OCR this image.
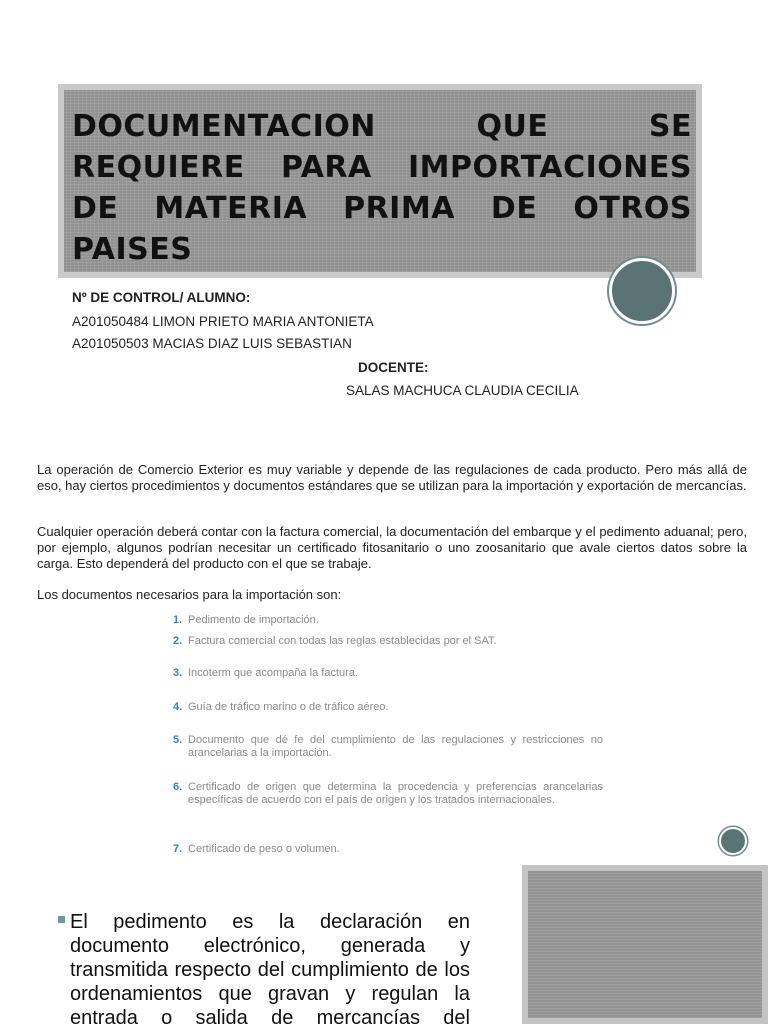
DOCUMENTACION QUE SE REQUIERE PARA IMPORTACIONES DE MATERIA PRIMA DE OTROS PAISES
Nº DE CONTROL/ ALUMNO:
A201050484 LIMON PRIETO MARIA ANTONIETA
A201050503 MACIAS DIAZ LUIS SEBASTIAN
DOCENTE:
SALAS MACHUCA CLAUDIA CECILIA

La operación de Comercio Exterior es muy variable y depende de las regulaciones de cada producto. Pero más allá de eso, hay ciertos procedimientos y documentos estándares que se utilizan para la importación y exportación de mercancías.

Cualquier operación deberá contar con la factura comercial, la documentación del embarque y el pedimento aduanal; pero, por ejemplo, algunos podrían necesitar un certificado fitosanitario o uno zoosanitario que avale ciertos datos sobre la carga. Esto dependerá del producto con el que se trabaje.

Los documentos necesarios para la importación son:

1. Pedimento de importación.
2. Factura comercial con todas las reglas establecidas por el SAT.
3. Incoterm que acompaña la factura.
4. Guía de tráfico marino o de tráfico aéreo.
5. Documento que dé fe del cumplimiento de las regulaciones y restricciones no arancelarias a la importación.
6. Certificado de origen que determina la procedencia y preferencias arancelarias específicas de acuerdo con el país de origen y los tratados internacionales.
7. Certificado de peso o volumen.

El pedimento es la declaración en documento electrónico, generada y transmitida respecto del cumplimiento de los ordenamientos que gravan y regulan la entrada o salida de mercancías del
